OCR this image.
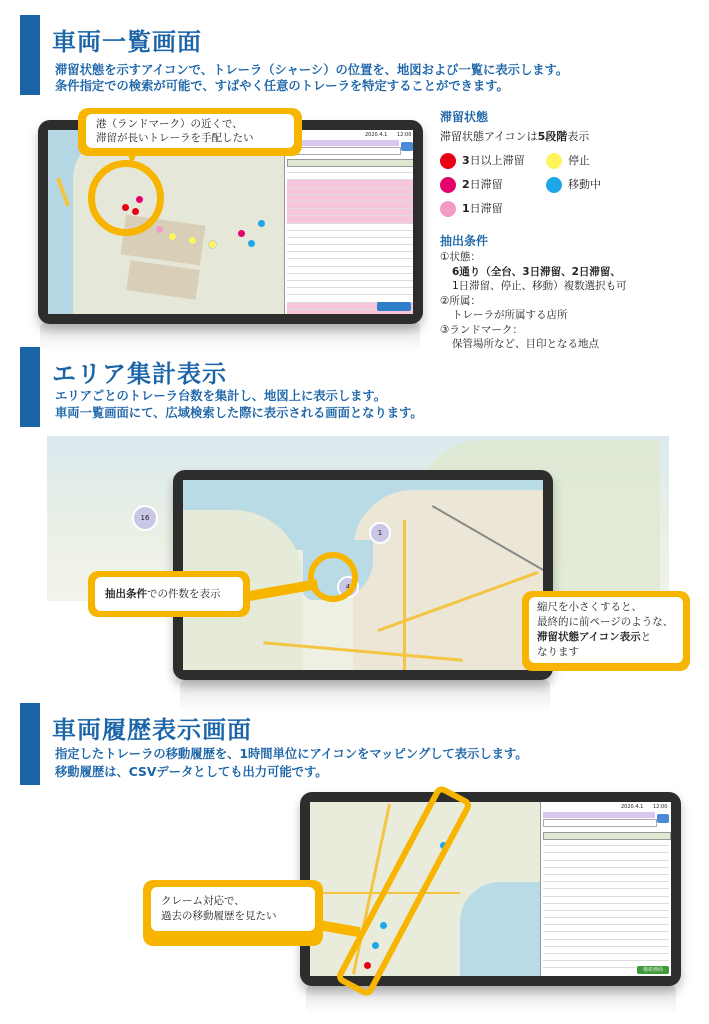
車両一覧画面
滞留状態を示すアイコンで、トレーラ（シャーシ）の位置を、地図および一覧に表示します。
条件指定での検索が可能で、すばやく任意のトレーラを特定することができます。
2020.4.1 12:00
港（ランドマーク）の近くで、
滞留が長いトレーラを手配したい
滞留状態
滞留状態アイコンは5段階表示
3日以上滞留
2日滞留
1日滞留
停止
移動中
抽出条件
①状態：
6通り（全台、3日滞留、2日滞留、
1日滞留、停止、移動）複数選択も可
②所属：
トレーラが所属する店所
③ランドマーク：
保管場所など、目印となる地点
エリア集計表示
エリアごとのトレーラ台数を集計し、地図上に表示します。
車両一覧画面にて、広域検索した際に表示される画面となります。
16
1
4
抽出条件での件数を表示
縮尺を小さくすると、
最終的に前ページのような、
滞留状態アイコン表示と
なります
車両履歴表示画面
指定したトレーラの移動履歴を、1時間単位にアイコンをマッピングして表示します。
移動履歴は、CSVデータとしても出力可能です。
2020.4.1 12:00
検索画面
クレーム対応で、
過去の移動履歴を見たい
